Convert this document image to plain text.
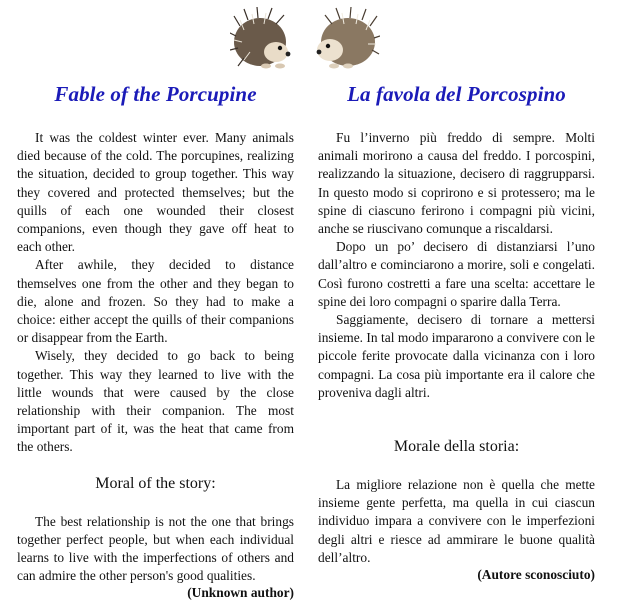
Fable of the Porcupine

It was the coldest winter ever. Many animals died because of the cold. The porcupines, realizing the situation, decided to group together. This way they covered and protected themselves; but the quills of each one wounded their closest companions, even though they gave off heat to each other.

After awhile, they decided to distance themselves one from the other and they began to die, alone and frozen. So they had to make a choice: either accept the quills of their companions or disappear from the Earth.

Wisely, they decided to go back to being together. This way they learned to live with the little wounds that were caused by the close relationship with their companion. The most important part of it, was the heat that came from the others.

Moral of the story:

The best relationship is not the one that brings together perfect people, but when each individual learns to live with the imperfections of others and can admire the other person's good qualities.

(Unknown author)

La favola del Porcospino

Fu l’inverno più freddo di sempre. Molti animali morirono a causa del freddo. I porcospini, realizzando la situazione, decisero di raggrupparsi. In questo modo si coprirono e si protessero; ma le spine di ciascuno ferirono i compagni più vicini, anche se riuscivano comunque a riscaldarsi.

Dopo un po’ decisero di distanziarsi l’uno dall’altro e cominciarono a morire, soli e congelati. Così furono costretti a fare una scelta: accettare le spine dei loro compagni o sparire dalla Terra.

Saggiamente, decisero di tornare a mettersi insieme. In tal modo impararono a convivere con le piccole ferite provocate dalla vicinanza con i loro compagni. La cosa più importante era il calore che proveniva dagli altri.

Morale della storia:

La migliore relazione non è quella che mette insieme gente perfetta, ma quella in cui ciascun individuo impara a convivere con le imperfezioni degli altri e riesce ad ammirare le buone qualità dell’altro.

(Autore sconosciuto)
